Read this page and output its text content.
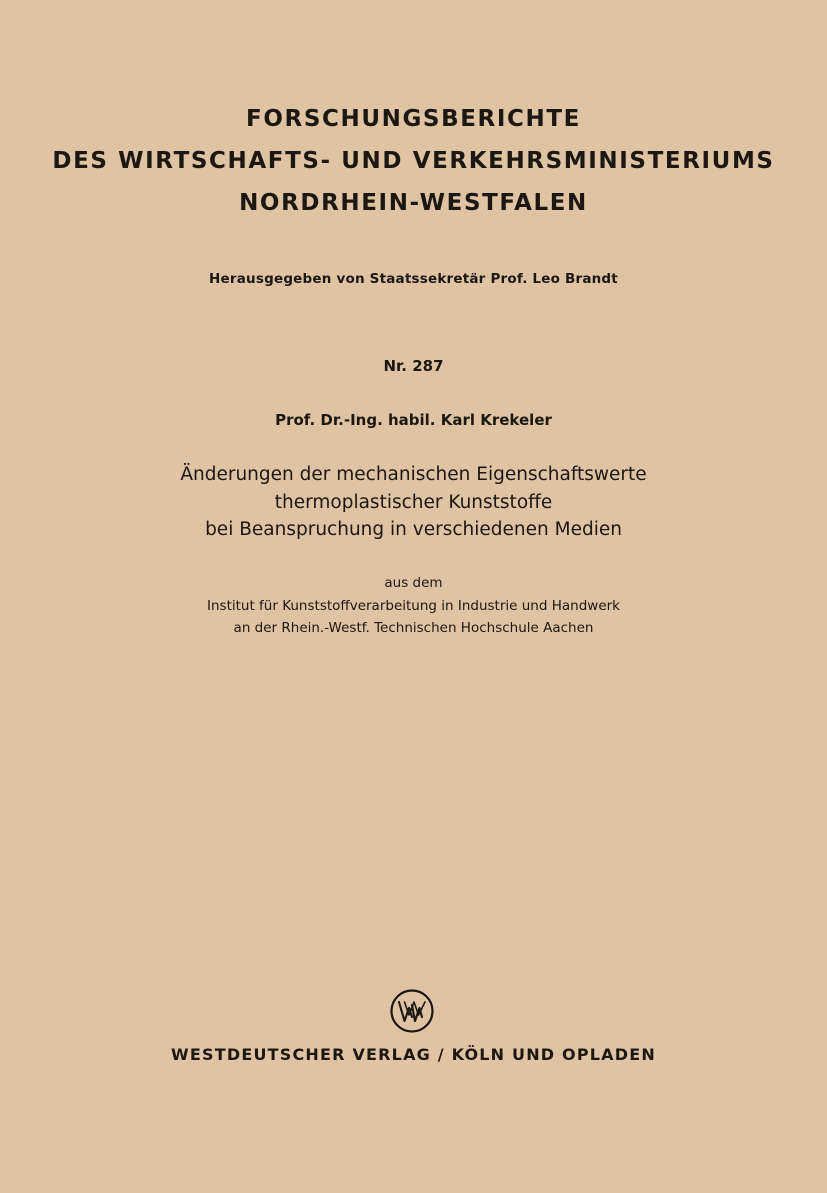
FORSCHUNGSBERICHTE

DES WIRTSCHAFTS- UND VERKEHRSMINISTERIUMS

NORDRHEIN-WESTFALEN

Herausgegeben von Staatssekretär Prof. Leo Brandt

Nr. 287

Prof. Dr.-Ing. habil. Karl Krekeler

Änderungen der mechanischen Eigenschaftswerte

thermoplastischer Kunststoffe

bei Beanspruchung in verschiedenen Medien

aus dem

Institut für Kunststoffverarbeitung in Industrie und Handwerk

an der Rhein.-Westf. Technischen Hochschule Aachen

WESTDEUTSCHER VERLAG / KÖLN UND OPLADEN
